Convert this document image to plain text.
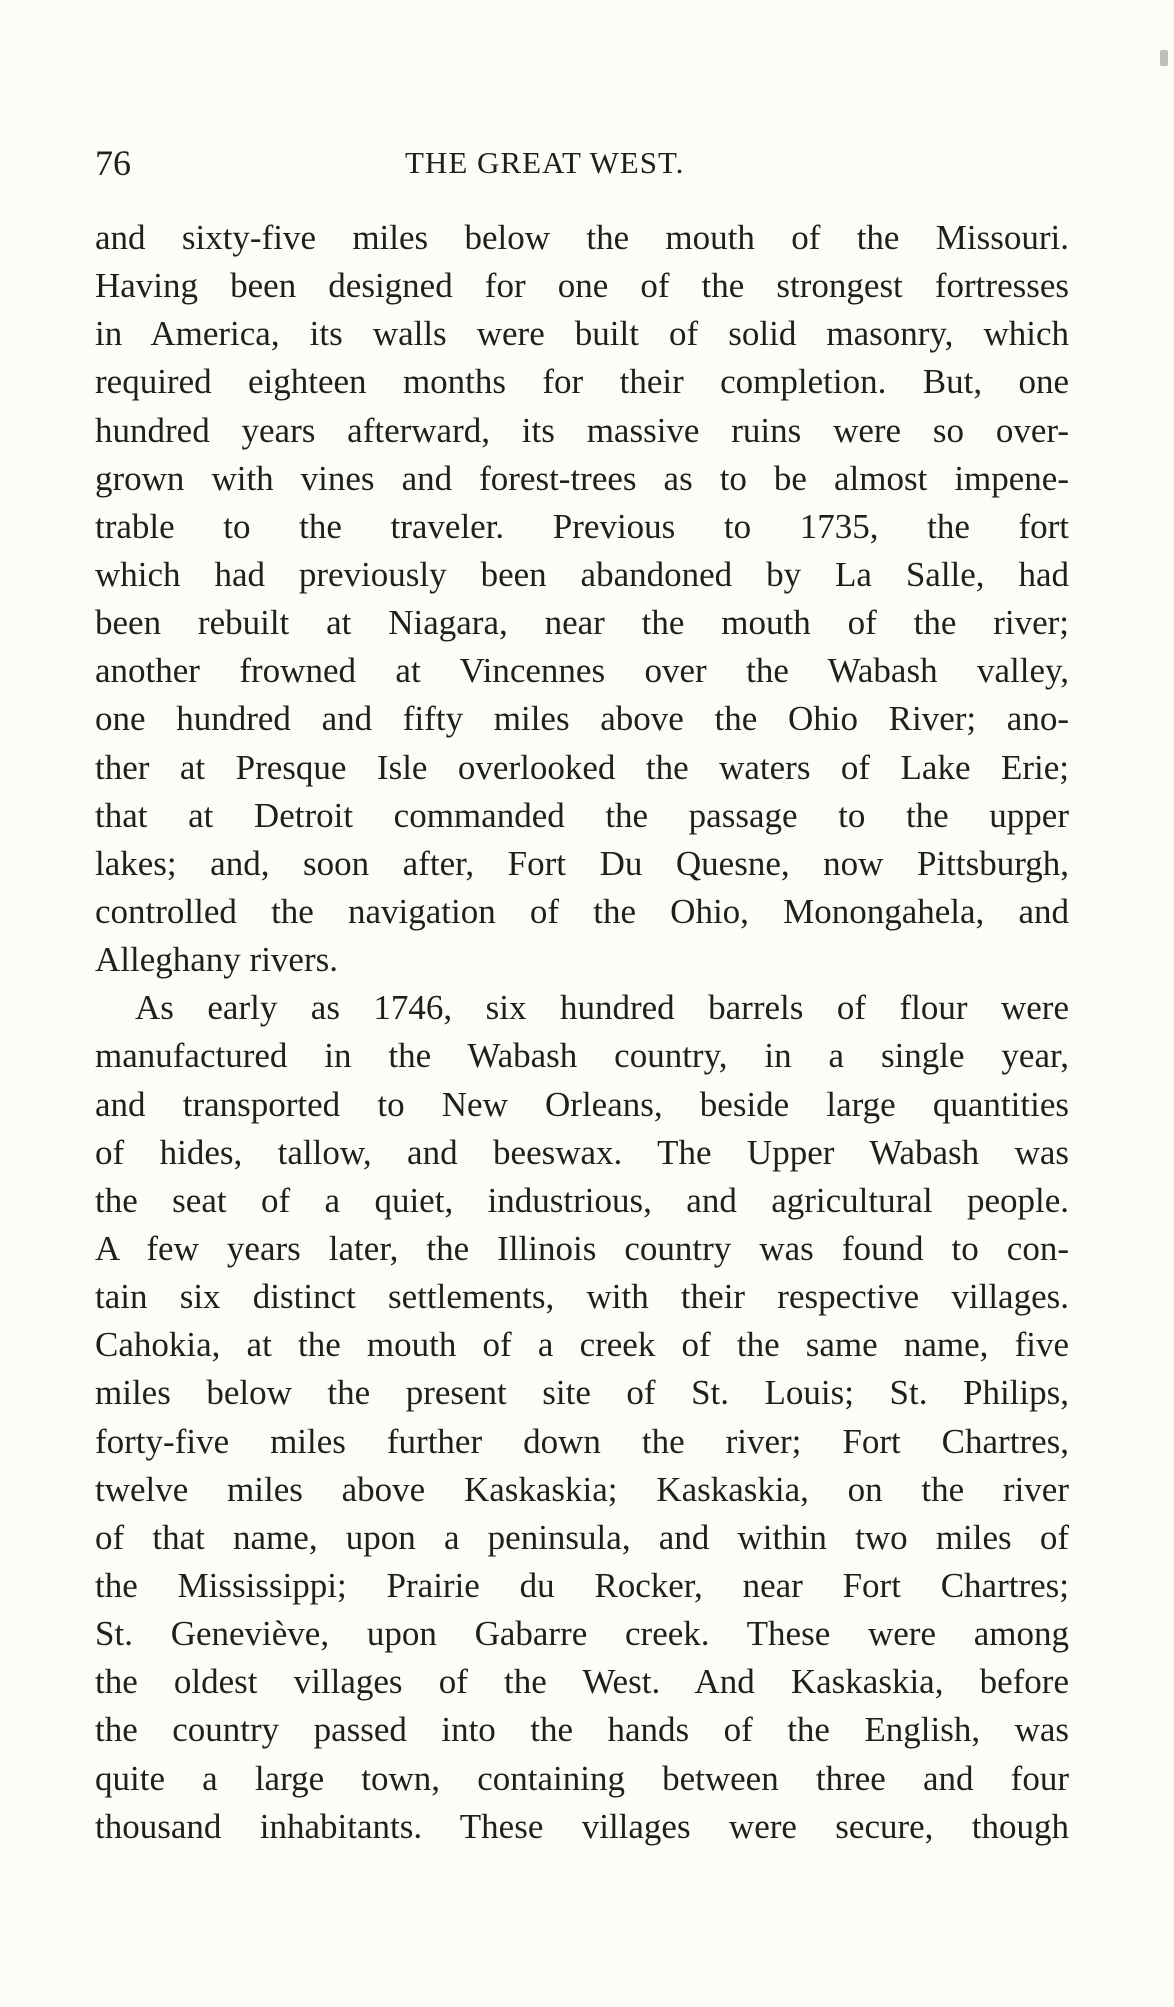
76	THE GREAT WEST.
and sixty-five miles below the mouth of the Missouri.
Having been designed for one of the strongest fortresses
in America, its walls were built of solid masonry, which
required eighteen months for their completion. But, one
hundred years afterward, its massive ruins were so over-
grown with vines and forest-trees as to be almost impene-
trable to the traveler. Previous to 1735, the fort
which had previously been abandoned by La Salle, had
been rebuilt at Niagara, near the mouth of the river;
another frowned at Vincennes over the Wabash valley,
one hundred and fifty miles above the Ohio River; ano-
ther at Presque Isle overlooked the waters of Lake Erie;
that at Detroit commanded the passage to the upper
lakes; and, soon after, Fort Du Quesne, now Pittsburgh,
controlled the navigation of the Ohio, Monongahela, and
Alleghany rivers.
As early as 1746, six hundred barrels of flour were
manufactured in the Wabash country, in a single year,
and transported to New Orleans, beside large quantities
of hides, tallow, and beeswax. The Upper Wabash was
the seat of a quiet, industrious, and agricultural people.
A few years later, the Illinois country was found to con-
tain six distinct settlements, with their respective villages.
Cahokia, at the mouth of a creek of the same name, five
miles below the present site of St. Louis; St. Philips,
forty-five miles further down the river; Fort Chartres,
twelve miles above Kaskaskia; Kaskaskia, on the river
of that name, upon a peninsula, and within two miles of
the Mississippi; Prairie du Rocker, near Fort Chartres;
St. Genevièvе, upon Gabarre creek. These were among
the oldest villages of the West. And Kaskaskia, before
the country passed into the hands of the English, was
quite a large town, containing between three and four
thousand inhabitants. These villages were secure, though
